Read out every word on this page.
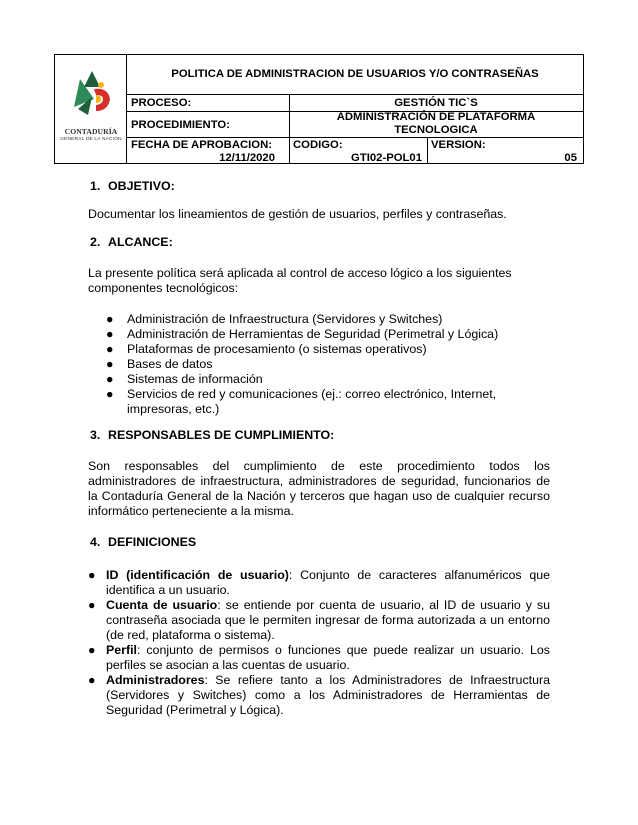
CONTADURÍA
GENERAL DE LA NACIÓN
POLITICA DE ADMINISTRACION DE USUARIOS Y/O CONTRASEÑAS
PROCESO:	GESTIÓN TIC`S
PROCEDIMIENTO:
ADMINISTRACIÓN DE PLATAFORMA
TECNOLOGICA
FECHA DE APROBACION:
12/11/2020
CODIGO:
GTI02-POL01
VERSION:
05
1. OBJETIVO:
Documentar los lineamientos de gestión de usuarios, perfiles y contraseñas.
2. ALCANCE:
La presente política será aplicada al control de acceso lógico a los siguientes
componentes tecnológicos:
● Administración de Infraestructura (Servidores y Switches)
● Administración de Herramientas de Seguridad (Perimetral y Lógica)
● Plataformas de procesamiento (o sistemas operativos)
● Bases de datos
● Sistemas de información
● Servicios de red y comunicaciones (ej.: correo electrónico, Internet,
impresoras, etc.)
3. RESPONSABLES DE CUMPLIMIENTO:
Son responsables del cumplimiento de este procedimiento todos los administradores de infraestructura, administradores de seguridad, funcionarios de la Contaduría General de la Nación y terceros que hagan uso de cualquier recurso informático perteneciente a la misma.
4. DEFINICIONES
● ID (identificación de usuario): Conjunto de caracteres alfanuméricos que identifica a un usuario.
● Cuenta de usuario: se entiende por cuenta de usuario, al ID de usuario y su contraseña asociada que le permiten ingresar de forma autorizada a un entorno (de red, plataforma o sistema).
● Perfil: conjunto de permisos o funciones que puede realizar un usuario. Los perfiles se asocian a las cuentas de usuario.
● Administradores: Se refiere tanto a los Administradores de Infraestructura (Servidores y Switches) como a los Administradores de Herramientas de Seguridad (Perimetral y Lógica).
